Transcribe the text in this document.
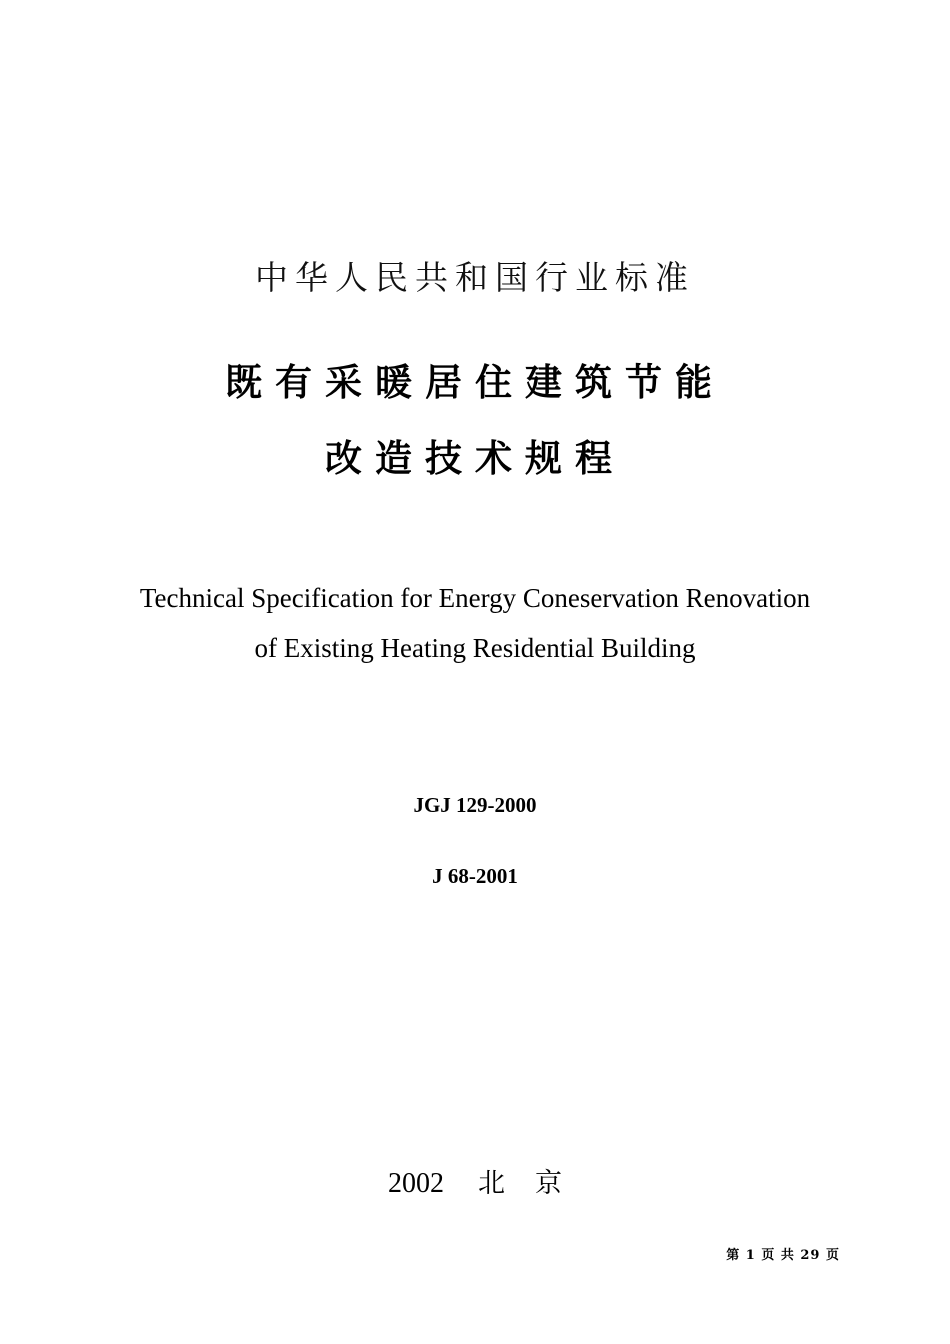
中华人民共和国行业标准
既有采暖居住建筑节能
改造技术规程
Technical Specification for Energy Coneservation Renovation
of Existing Heating Residential Building
JGJ 129-2000
J 68-2001
2002 北京
第 1 页 共 29 页
